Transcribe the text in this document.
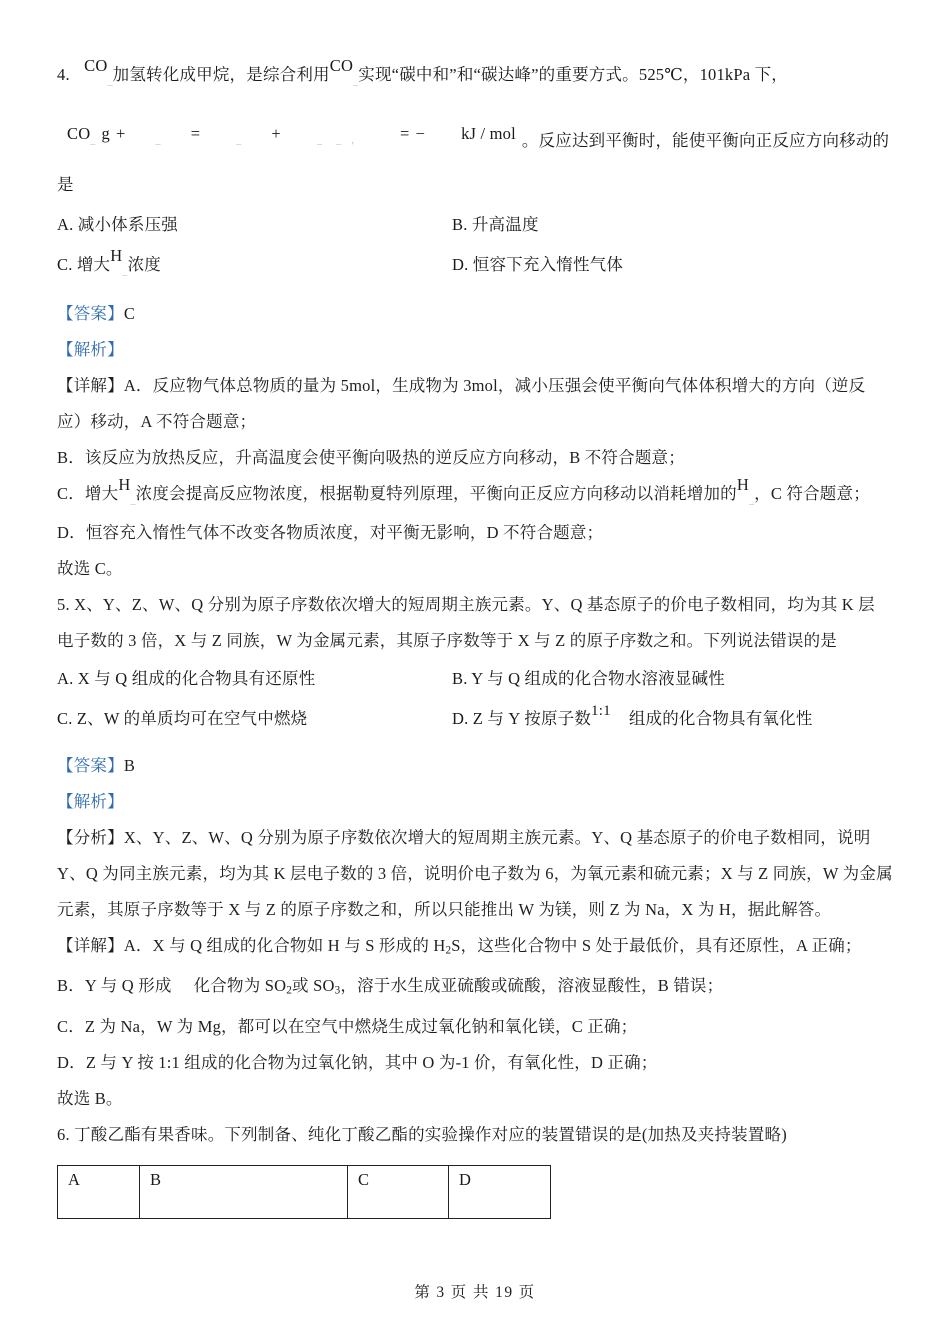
4. CO_加氢转化成甲烷，是综合利用CO_实现“碳中和”和“碳达峰”的重要方式。525℃，101kPa 下，
CO_ g +	_ =	_ +	_ _ ,	= − kJ / mol 。反应达到平衡时，能使平衡向正反应方向移动的
是
A. 减小体系压强	B. 升高温度
C. 增大H_浓度	D. 恒容下充入惰性气体
【答案】C
【解析】
【详解】A．反应物气体总物质的量为 5mol，生成物为 3mol，减小压强会使平衡向气体体积增大的方向（逆反
应）移动，A 不符合题意；
B．该反应为放热反应，升高温度会使平衡向吸热的逆反应方向移动，B 不符合题意；
C．增大H_浓度会提高反应物浓度，根据勒夏特列原理，平衡向正反应方向移动以消耗增加的H_，C 符合题意；
D．恒容充入惰性气体不改变各物质浓度，对平衡无影响，D 不符合题意；
故选 C。
5. X、Y、Z、W、Q 分别为原子序数依次增大的短周期主族元素。Y、Q 基态原子的价电子数相同，均为其 K 层
电子数的 3 倍，X 与 Z 同族，W 为金属元素，其原子序数等于 X 与 Z 的原子序数之和。下列说法错误的是
A. X 与 Q 组成的化合物具有还原性	B. Y 与 Q 组成的化合物水溶液显碱性
C. Z、W 的单质均可在空气中燃烧	D. Z 与 Y 按原子数1:1 组成的化合物具有氧化性
【答案】B
【解析】
【分析】X、Y、Z、W、Q 分别为原子序数依次增大的短周期主族元素。Y、Q 基态原子的价电子数相同，说明
Y、Q 为同主族元素，均为其 K 层电子数的 3 倍，说明价电子数为 6，为氧元素和硫元素；X 与 Z 同族，W 为金属
元素，其原子序数等于 X 与 Z 的原子序数之和，所以只能推出 W 为镁，则 Z 为 Na，X 为 H，据此解答。
【详解】A．X 与 Q 组成的化合物如 H 与 S 形成的 $H_2S$，这些化合物中 S 处于最低价，具有还原性，A 正确；
B．Y 与 Q 形成 化合物为 $SO_2$或 $SO_3$，溶于水生成亚硫酸或硫酸，溶液显酸性，B 错误；
C．Z 为 Na，W 为 Mg，都可以在空气中燃烧生成过氧化钠和氧化镁，C 正确；
D．Z 与 Y 按 1:1 组成的化合物为过氧化钠，其中 O 为-1 价，有氧化性，D 正确；
故选 B。
6. 丁酸乙酯有果香味。下列制备、纯化丁酸乙酯的实验操作对应的装置错误的是(加热及夹持装置略)
A	B	C	D
第 3 页 共 19 页
